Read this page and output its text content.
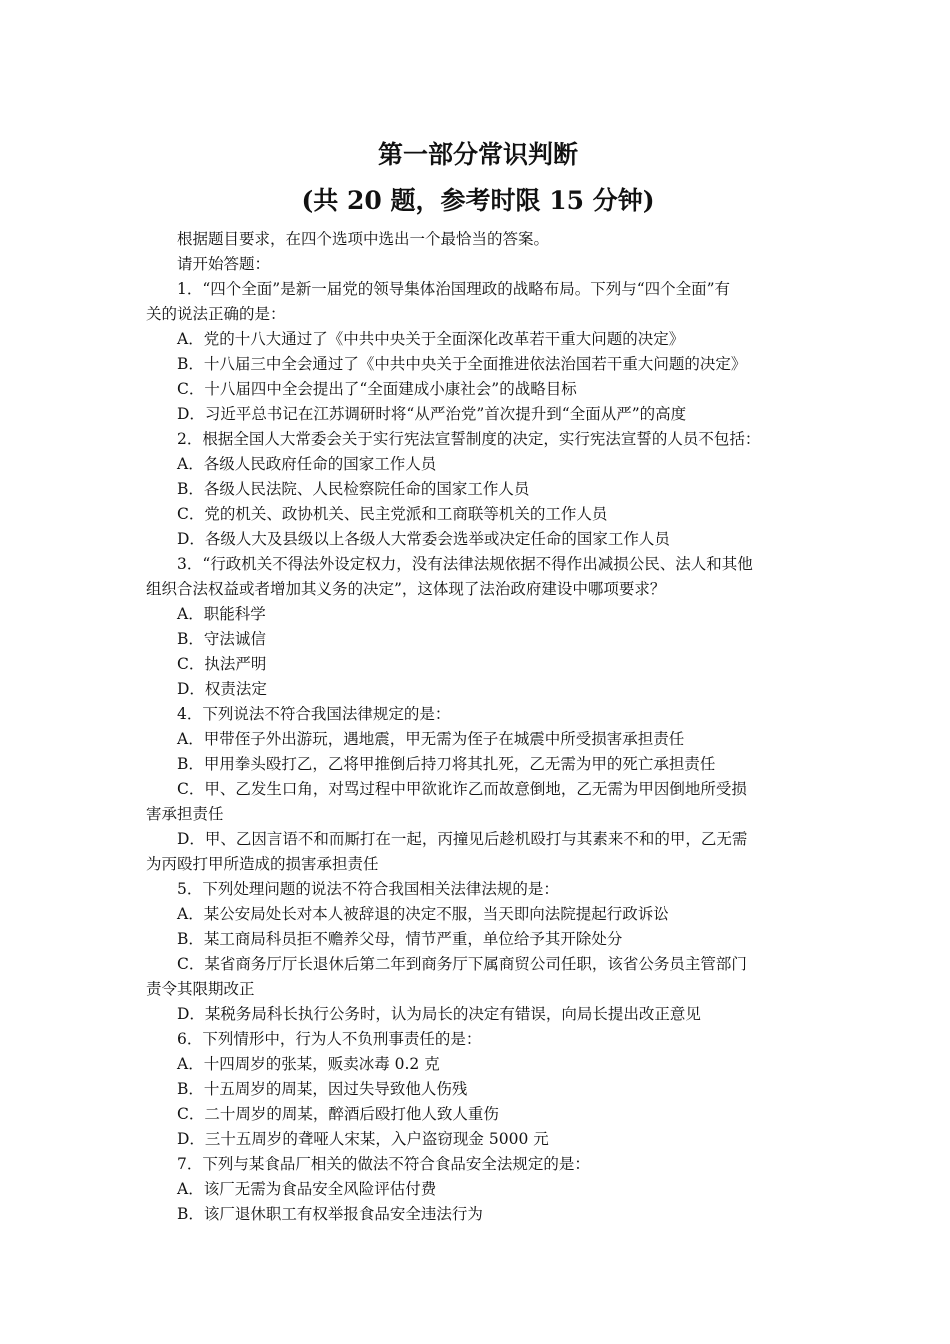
第一部分常识判断
(共 20 题，参考时限 15 分钟)
根据题目要求，在四个选项中选出一个最恰当的答案。
请开始答题：
1．“四个全面”是新一届党的领导集体治国理政的战略布局。下列与“四个全面”有
关的说法正确的是：
A．党的十八大通过了《中共中央关于全面深化改革若干重大问题的决定》
B．十八届三中全会通过了《中共中央关于全面推进依法治国若干重大问题的决定》
C．十八届四中全会提出了“全面建成小康社会”的战略目标
D．习近平总书记在江苏调研时将“从严治党”首次提升到“全面从严”的高度
2．根据全国人大常委会关于实行宪法宣誓制度的决定，实行宪法宣誓的人员不包括：
A．各级人民政府任命的国家工作人员
B．各级人民法院、人民检察院任命的国家工作人员
C．党的机关、政协机关、民主党派和工商联等机关的工作人员
D．各级人大及县级以上各级人大常委会选举或决定任命的国家工作人员
3．“行政机关不得法外设定权力，没有法律法规依据不得作出减损公民、法人和其他
组织合法权益或者增加其义务的决定”，这体现了法治政府建设中哪项要求？
A．职能科学
B．守法诚信
C．执法严明
D．权责法定
4．下列说法不符合我国法律规定的是：
A．甲带侄子外出游玩，遇地震，甲无需为侄子在城震中所受损害承担责任
B．甲用拳头殴打乙，乙将甲推倒后持刀将其扎死，乙无需为甲的死亡承担责任
C．甲、乙发生口角，对骂过程中甲欲讹诈乙而故意倒地，乙无需为甲因倒地所受损
害承担责任
D．甲、乙因言语不和而厮打在一起，丙撞见后趁机殴打与其素来不和的甲，乙无需
为丙殴打甲所造成的损害承担责任
5．下列处理问题的说法不符合我国相关法律法规的是：
A．某公安局处长对本人被辞退的决定不服，当天即向法院提起行政诉讼
B．某工商局科员拒不赡养父母，情节严重，单位给予其开除处分
C．某省商务厅厅长退休后第二年到商务厅下属商贸公司任职，该省公务员主管部门
责令其限期改正
D．某税务局科长执行公务时，认为局长的决定有错误，向局长提出改正意见
6．下列情形中，行为人不负刑事责任的是：
A．十四周岁的张某，贩卖冰毒 0.2 克
B．十五周岁的周某，因过失导致他人伤残
C．二十周岁的周某，醉酒后殴打他人致人重伤
D．三十五周岁的聋哑人宋某，入户盗窃现金 5000 元
7．下列与某食品厂相关的做法不符合食品安全法规定的是：
A．该厂无需为食品安全风险评估付费
B．该厂退休职工有权举报食品安全违法行为
